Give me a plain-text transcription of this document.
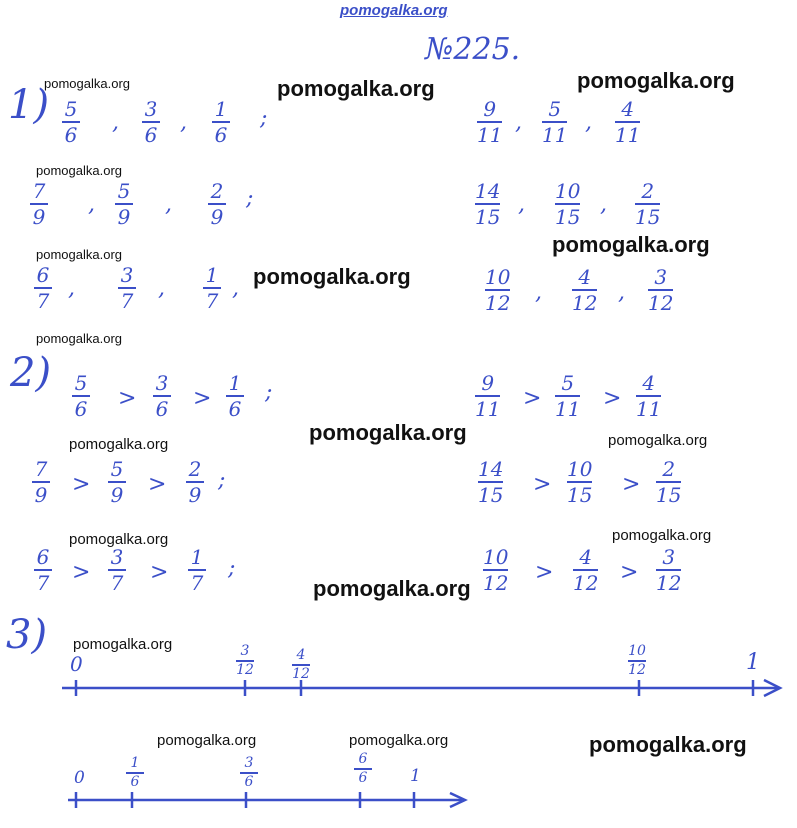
pomogalka.org
№225.
1)
2)
3)
pomogalka.org	pomogalka.org	pomogalka.org
pomogalka.org
pomogalka.org	pomogalka.org
pomogalka.org
pomogalka.org
pomogalka.org
pomogalka.org	pomogalka.org
pomogalka.org	pomogalka.org
pomogalka.org
pomogalka.org
pomogalka.org	pomogalka.org	pomogalka.org
5
6 ,
3
6 ,
1
6
;	9
11 ,
5
11 ,
4
11
7
9 ,
5
9 ,
2
9
;	14
15 ,
10
15 ,
2
15
6
7 ,
3
7 ,
1
7 ,	10
12 ,
4
12 ,
3
12
5
6 >
3
6 >
1
6
;	9
11 >
5
11 >
4
11
7
9 >
5
9 >
2
9
;	14
15 >
10
15 >
2
15
6
7 >
3
7 >
1
7
;	10
12 >
4
12 >
3
12
0
3
12
4
12
10
12	1
0
1
6
3
6
6
6	1
